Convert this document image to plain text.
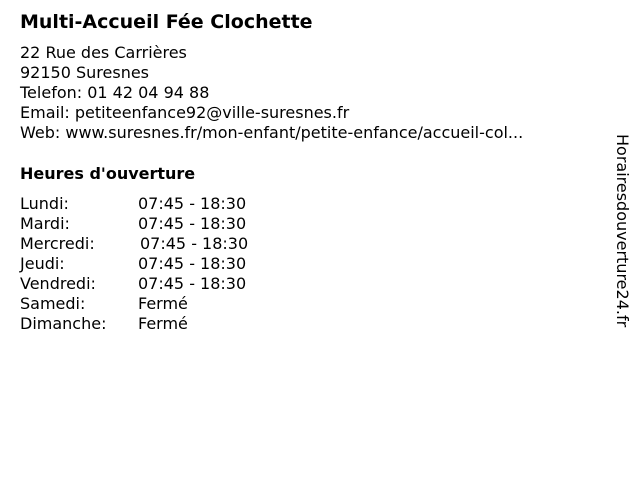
Multi-Accueil Fée Clochette
22 Rue des Carrières
92150 Suresnes
Telefon: 01 42 04 94 88
Email: petiteenfance92@ville-suresnes.fr
Web: www.suresnes.fr/mon-enfant/petite-enfance/accueil-col...
Heures d'ouverture
Lundi:	07:45 - 18:30
Mardi:	07:45 - 18:30
Mercredi:	07:45 - 18:30
Jeudi:	07:45 - 18:30
Vendredi:	07:45 - 18:30
Samedi:	Fermé
Dimanche: Fermé	Horairesdouverture24.fr
